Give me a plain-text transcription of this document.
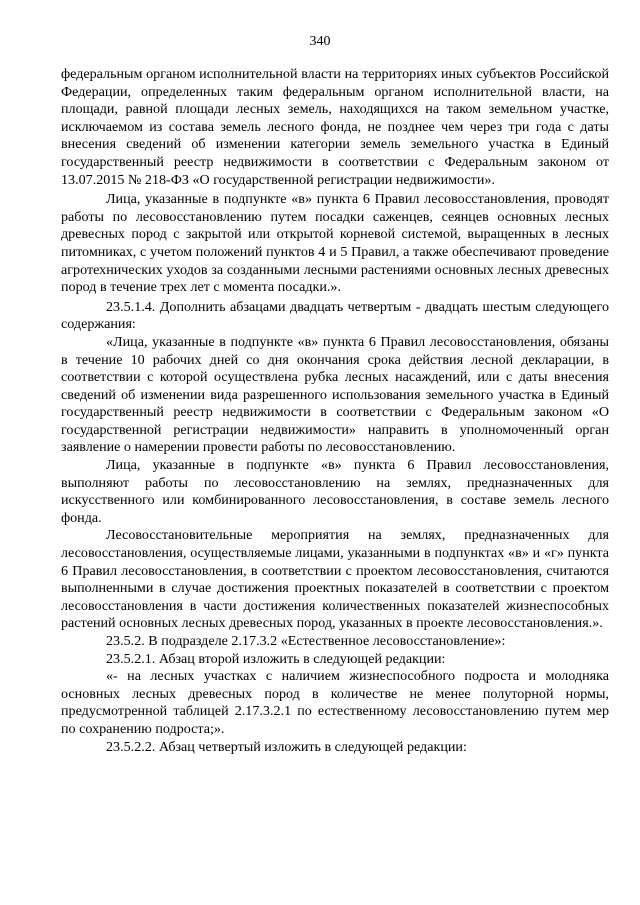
340

федеральным органом исполнительной власти на территориях иных субъектов Российской Федерации, определенных таким федеральным органом исполнительной власти, на площади, равной площади лесных земель, находящихся на таком земельном участке, исключаемом из состава земель лесного фонда, не позднее чем через три года с даты внесения сведений об изменении категории земель земельного участка в Единый государственный реестр недвижимости в соответствии с Федеральным законом от 13.07.2015 № 218-ФЗ «О государственной регистрации недвижимости».

Лица, указанные в подпункте «в» пункта 6 Правил лесовосстановления, проводят работы по лесовосстановлению путем посадки саженцев, сеянцев основных лесных древесных пород с закрытой или открытой корневой системой, выращенных в лесных питомниках, с учетом положений пунктов 4 и 5 Правил, а также обеспечивают проведение агротехнических уходов за созданными лесными растениями основных лесных древесных пород в течение трех лет с момента посадки.».

23.5.1.4. Дополнить абзацами двадцать четвертым - двадцать шестым следующего содержания:

«Лица, указанные в подпункте «в» пункта 6 Правил лесовосстановления, обязаны в течение 10 рабочих дней со дня окончания срока действия лесной декларации, в соответствии с которой осуществлена рубка лесных насаждений, или с даты внесения сведений об изменении вида разрешенного использования земельного участка в Единый государственный реестр недвижимости в соответствии с Федеральным законом «О государственной регистрации недвижимости» направить в уполномоченный орган заявление о намерении провести работы по лесовосстановлению.

Лица, указанные в подпункте «в» пункта 6 Правил лесовосстановления, выполняют работы по лесовосстановлению на землях, предназначенных для искусственного или комбинированного лесовосстановления, в составе земель лесного фонда.

Лесовосстановительные мероприятия на землях, предназначенных для лесовосстановления, осуществляемые лицами, указанными в подпунктах «в» и «г» пункта 6 Правил лесовосстановления, в соответствии с проектом лесовосстановления, считаются выполненными в случае достижения проектных показателей в соответствии с проектом лесовосстановления в части достижения количественных показателей жизнеспособных растений основных лесных древесных пород, указанных в проекте лесовосстановления.».

23.5.2. В подразделе 2.17.3.2 «Естественное лесовосстановление»:

23.5.2.1. Абзац второй изложить в следующей редакции:

«- на лесных участках с наличием жизнеспособного подроста и молодняка основных лесных древесных пород в количестве не менее полуторной нормы, предусмотренной таблицей 2.17.3.2.1 по естественному лесовосстановлению путем мер по сохранению подроста;».

23.5.2.2. Абзац четвертый изложить в следующей редакции:
